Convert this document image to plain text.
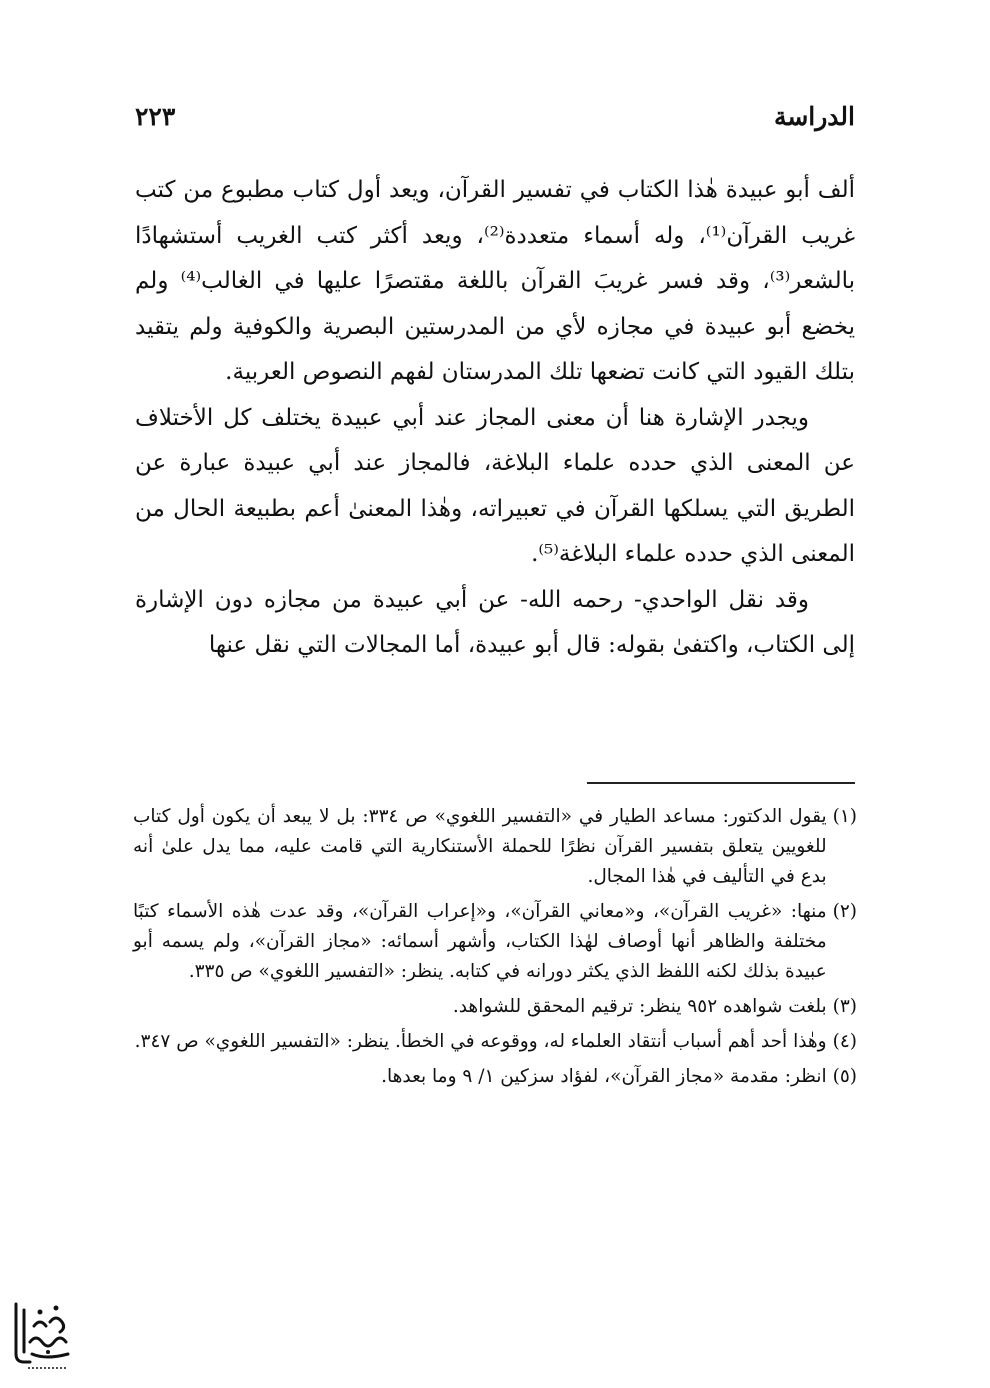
الدراسة
٢٢٣

ألف أبو عبيدة هٰذا الكتاب في تفسير القرآن، ويعد أول كتاب مطبوع من كتب غريب القرآن⁽¹⁾، وله أسماء متعددة⁽²⁾، ويعد أكثر كتب الغريب أستشهادًا بالشعر⁽³⁾، وقد فسر غريبَ القرآن باللغة مقتصرًا عليها في الغالب⁽⁴⁾ ولم يخضع أبو عبيدة في مجازه لأي من المدرستين البصرية والكوفية ولم يتقيد بتلك القيود التي كانت تضعها تلك المدرستان لفهم النصوص العربية.

ويجدر الإشارة هنا أن معنى المجاز عند أبي عبيدة يختلف كل الأختلاف عن المعنى الذي حدده علماء البلاغة، فالمجاز عند أبي عبيدة عبارة عن الطريق التي يسلكها القرآن في تعبيراته، وهٰذا المعنىٰ أعم بطبيعة الحال من المعنى الذي حدده علماء البلاغة⁽⁵⁾.

وقد نقل الواحدي- رحمه الله- عن أبي عبيدة من مجازه دون الإشارة إلى الكتاب، واكتفىٰ بقوله: قال أبو عبيدة، أما المجالات التي نقل عنها

(١)

يقول الدكتور: مساعد الطيار في «التفسير اللغوي» ص ٣٣٤: بل لا يبعد أن يكون أول كتاب للغويين يتعلق بتفسير القرآن نظرًا للحملة الأستنكارية التي قامت عليه، مما يدل علىٰ أنه بدع في التأليف في هٰذا المجال.

(٢)

منها: «غريب القرآن»، و«معاني القرآن»، و«إعراب القرآن»، وقد عدت هٰذه الأسماء كتبًا مختلفة والظاهر أنها أوصاف لهٰذا الكتاب، وأشهر أسمائه: «مجاز القرآن»، ولم يسمه أبو عبيدة بذلك لكنه اللفظ الذي يكثر دورانه في كتابه. ينظر: «التفسير اللغوي» ص ٣٣٥.

(٣)

بلغت شواهده ٩٥٢ ينظر: ترقيم المحقق للشواهد.

(٤)

وهٰذا أحد أهم أسباب أنتقاد العلماء له، ووقوعه في الخطأ. ينظر: «التفسير اللغوي» ص ٣٤٧.

(٥)

انظر: مقدمة «مجاز القرآن»، لفؤاد سزكين ١/ ٩ وما بعدها.
